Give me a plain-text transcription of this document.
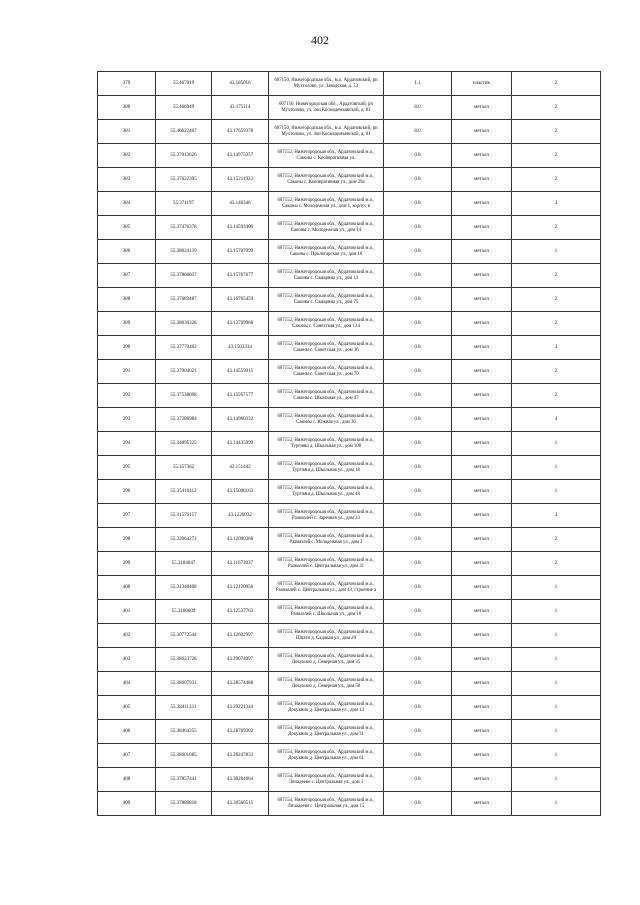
402
379	55.467019	43.185016	607150, Нижегородская обл., м.о. Ардатовский, рп Мухтолово, ул. Заводская, д. 53	1.1	пластик	2
380	55.466949	43.175114	607150, Нижегородская обл., Ардатовский, рп Мухтолово, ул. Зои Космодемьянской, д. 81	8.0	металл	2
381	55.46622467	43.17659378	607150, Нижегородская обл., м.о. Ардатовский, рп Мухтолово, ул. Зои Космодемьянской, д. 81	8.0	металл	2
382	55.37013626	43.14975357	607152, Нижегородская обл., Ардатовский м.о., Саконы с. Кооперативная ул.	0.8	металл	2
383	55.37622395	43.15211923	607152, Нижегородская обл., Ардатовский м.о., Саконы с. Кооперативная ул., дом 29а	0.8	металл	2
384	55.371197	43.146346	607152, Нижегородская обл., Ардатовский м.о., Саконы с. Молодежная ул., дом 1, корпус в	0.8	металл	3
385	55.37470378	43.14593406	607152, Нижегородская обл., Ардатовский м.о., Саконы с. Молодежная ул., дом 14	0.8	металл	2
386	55.38024139	43.15707999	607152, Нижегородская обл., Ардатовский м.о., Саконы с. Пролетарская ул., дом 10	0.8	металл	1
387	55.37860037	43.15767677	607152, Нижегородская обл., Ардатовский м.о., Саконы с. Самарина ул., дом 13	0.8	металл	2
388	55.37683487	43.16765459	607152, Нижегородская обл., Ардатовский м.о., Саконы с. Самарина ул., дом 75	0.8	металл	2
389	55.38039328	43.13769968	607152, Нижегородская обл., Ардатовский м.о., Саконы с. Советская ул., дом 134	0.8	металл	2
390	55.37770462	43.1503334	607152, Нижегородская обл., Ардатовский м.о., Саконы с. Советская ул., дом 16	0.8	металл	3
391	55.37904021	43.14559015	607152, Нижегородская обл., Ардатовский м.о., Саконы с. Советская ул., дом 70	0.8	металл	2
392	55.37538698	43.15957577	607152, Нижегородская обл., Ардатовский м.о., Саконы с. Школьная ул., дом 47	0.8	металл	2
393	55.37286984	43.14960332	607152, Нижегородская обл., Ардатовский м.о., Саконы с. Южная ул., дом 36	0.8	металл	4
394	55.34895325	43.14435999	607152, Нижегородская обл., Ардатовский м.о., Тургияш д. Школьная ул., дом 108	0.8	металл	1
395	55.357362	43.151442	607152, Нижегородская обл., Ардатовский м.о., Тургияш д. Школьная ул., дом 18	0.8	металл	1
396	55.35416412	43.15008163	607152, Нижегородская обл., Ардатовский м.о., Тургияш д. Школьная ул., дом 48	0.8	металл	1
397	55.31576157	43.1220032	607153, Нижегородская обл., Ардатовский м.о., Размазлей с. Заречная ул., дом 23	0.8	металл	3
398	55.32064272	43.12090368	607153, Нижегородская обл., Ардатовский м.о., Размазлей с. Молодежная ул., дом 2	0.8	металл	2
399	55.3184647	43.11673037	607153, Нижегородская обл., Ардатовский м.о., Размазлей с. Центральная ул., дом 31	0.8	металл	2
400	55.31340408	43.12120056	607153, Нижегородская обл., Ардатовский м.о., Размазлей с. Центральная ул., дом 43, строение а	0.8	металл	1
401	55.3180609	43.12537763	607153, Нижегородская обл., Ардатовский м.о., Размазлей с. Школьная ул., дом 18	0.8	металл	1
402	55.30772544	43.12602997	607153, Нижегородская обл., Ардатовский м.о., Шпати д. Садовая ул., дом 20	0.8	металл	1
403	55.38623728	43.29074097	607154, Нижегородская обл., Ардатовский м.о., Докукино д. Северная ул., дом 35	0.8	металл	1
404	55.38607931	43.28574488	607154, Нижегородская обл., Ардатовский м.о., Докукино д. Северная ул., дом 50	0.8	металл	1
405	55.38411331	43.29221344	607154, Нижегородская обл., Ардатовский м.о., Докукино д. Центральная ул., дом 14	0.8	металл	1
406	55.38464355	43.28769302	607154, Нижегородская обл., Ардатовский м.о., Докукино д. Центральная ул., дом 31	0.8	металл	1
407	55.38601685	43.28247833	607154, Нижегородская обл., Ардатовский м.о., Докукино д. Центральная ул., дом 61	0.8	металл	1
408	55.37857441	43.30284664	607154, Нижегородская обл., Ардатовский м.о., Личадеево с. Центральная ул., дом 1	0.8	металл	1
409	55.37880818	43.30560515	607154, Нижегородская обл., Ардатовский м.о., Личадеево с. Центральная ул., дом 15	0.8	металл	1
